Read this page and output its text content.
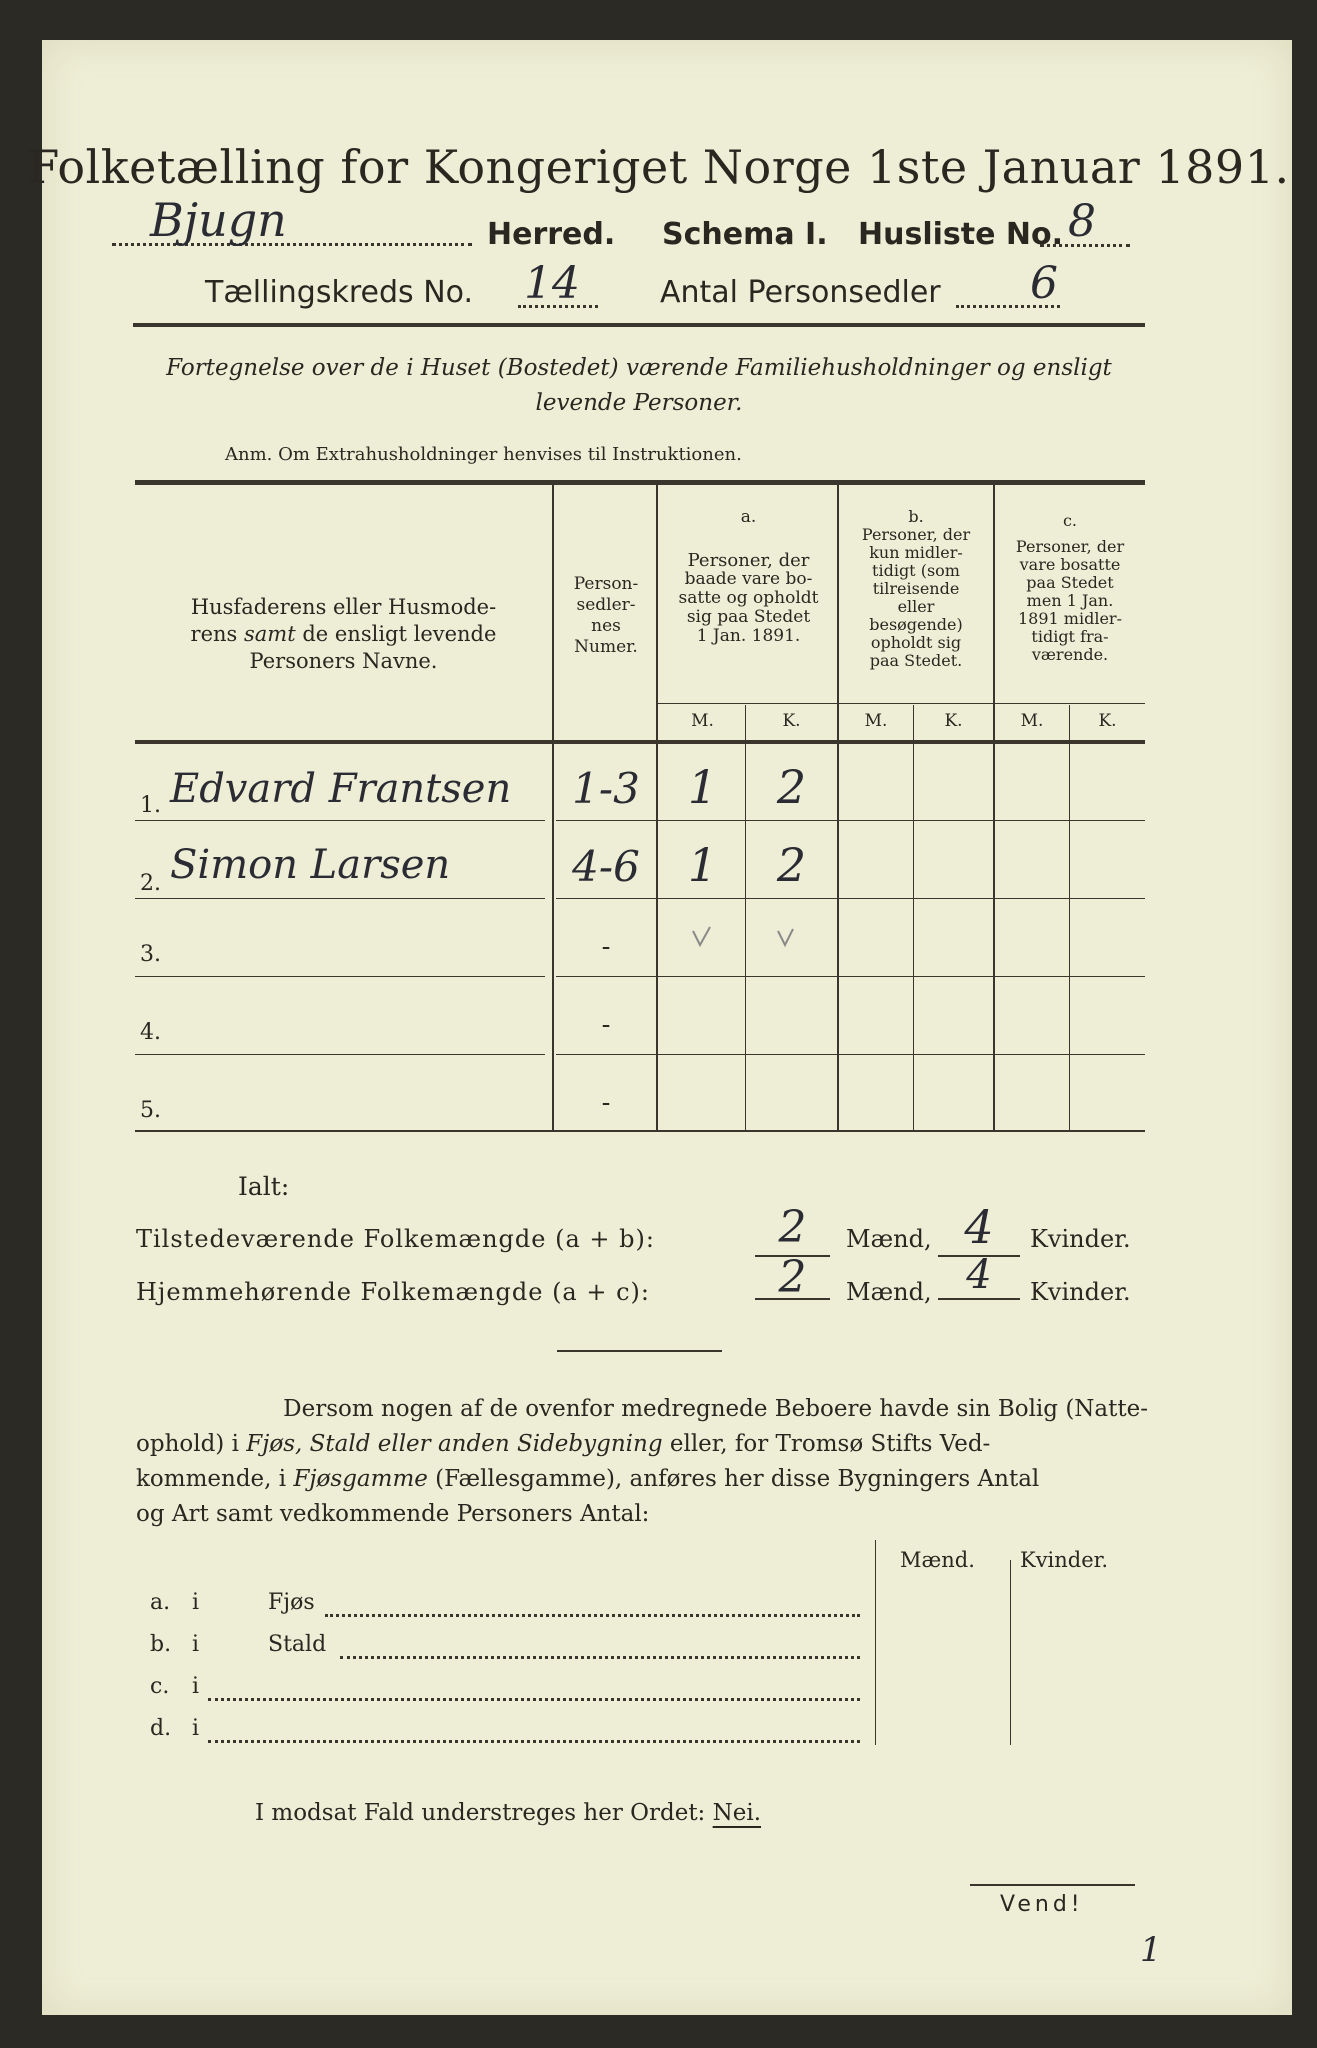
Folketælling for Kongeriget Norge 1ste Januar 1891.
Bjugn	Herred. Schema I. Husliste No. 8
Tællingskreds No. 14	Antal Personsedler 6
Fortegnelse over de i Huset (Bostedet) værende Familiehusholdninger og ensligt
levende Personer.
Anm. Om Extrahusholdninger henvises til Instruktionen.
Husfaderens eller Husmode-
rens samt de ensligt levende
Personers Navne.
Person-
sedler-
nes
Numer.
a.
Personer, der
baade vare bo-
satte og opholdt
sig paa Stedet
1 Jan. 1891.
b.
Personer, der
kun midler-
tidigt (som
tilreisende
eller
besøgende)
opholdt sig
paa Stedet.
c.
Personer, der
vare bosatte
paa Stedet
men 1 Jan.
1891 midler-
tidigt fra-
værende.
M.	K.	M.	K.	M.	K.
1. Edvard Frantsen	1-3	1	2
2. Simon Larsen	4-6	1	2
3.	-
4.	-
5.	-
Ialt:
Tilstedeværende Folkemængde (a + b):	2	Mænd, 4	Kvinder.
Hjemmehørende Folkemængde (a + c):	2	Mænd, 4	Kvinder.
Dersom nogen af de ovenfor medregnede Beboere havde sin Bolig (Natte-
ophold) i Fjøs, Stald eller anden Sidebygning eller, for Tromsø Stifts Ved-
kommende, i Fjøsgamme (Fællesgamme), anføres her disse Bygningers Antal
og Art samt vedkommende Personers Antal:
Mænd. Kvinder.
a. i	Fjøs
b. i	Stald
c. i
d. i
I modsat Fald understreges her Ordet: Nei.
Vend!
1
